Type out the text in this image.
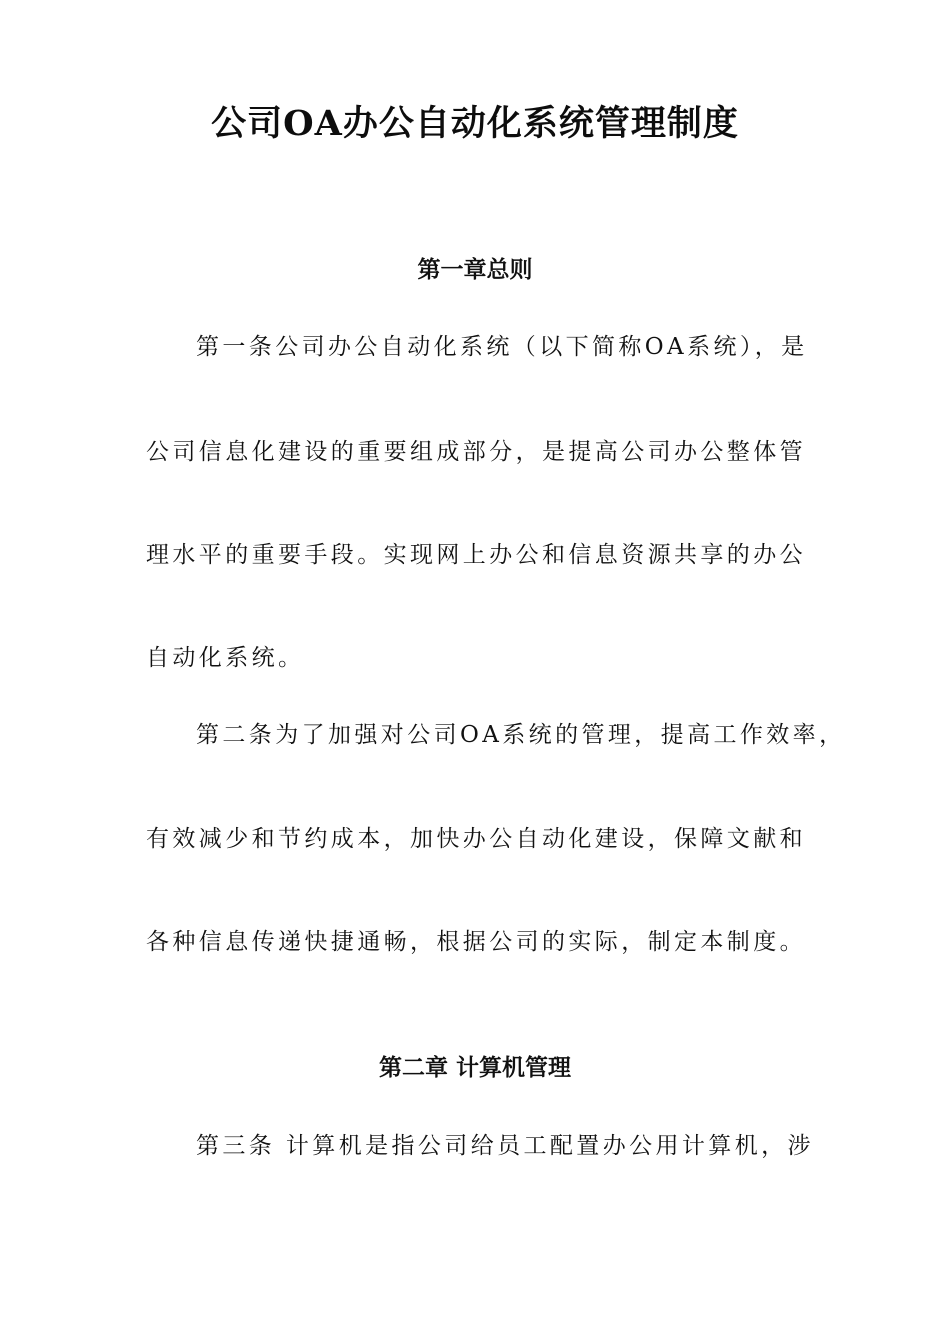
公司OA办公自动化系统管理制度
第一章总则
第一条公司办公自动化系统（以下简称OA系统），是
公司信息化建设的重要组成部分，是提高公司办公整体管
理水平的重要手段。实现网上办公和信息资源共享的办公
自动化系统。
第二条为了加强对公司OA系统的管理，提高工作效率，
有效减少和节约成本，加快办公自动化建设，保障文献和
各种信息传递快捷通畅，根据公司的实际，制定本制度。
第二章 计算机管理
第三条 计算机是指公司给员工配置办公用计算机，涉
